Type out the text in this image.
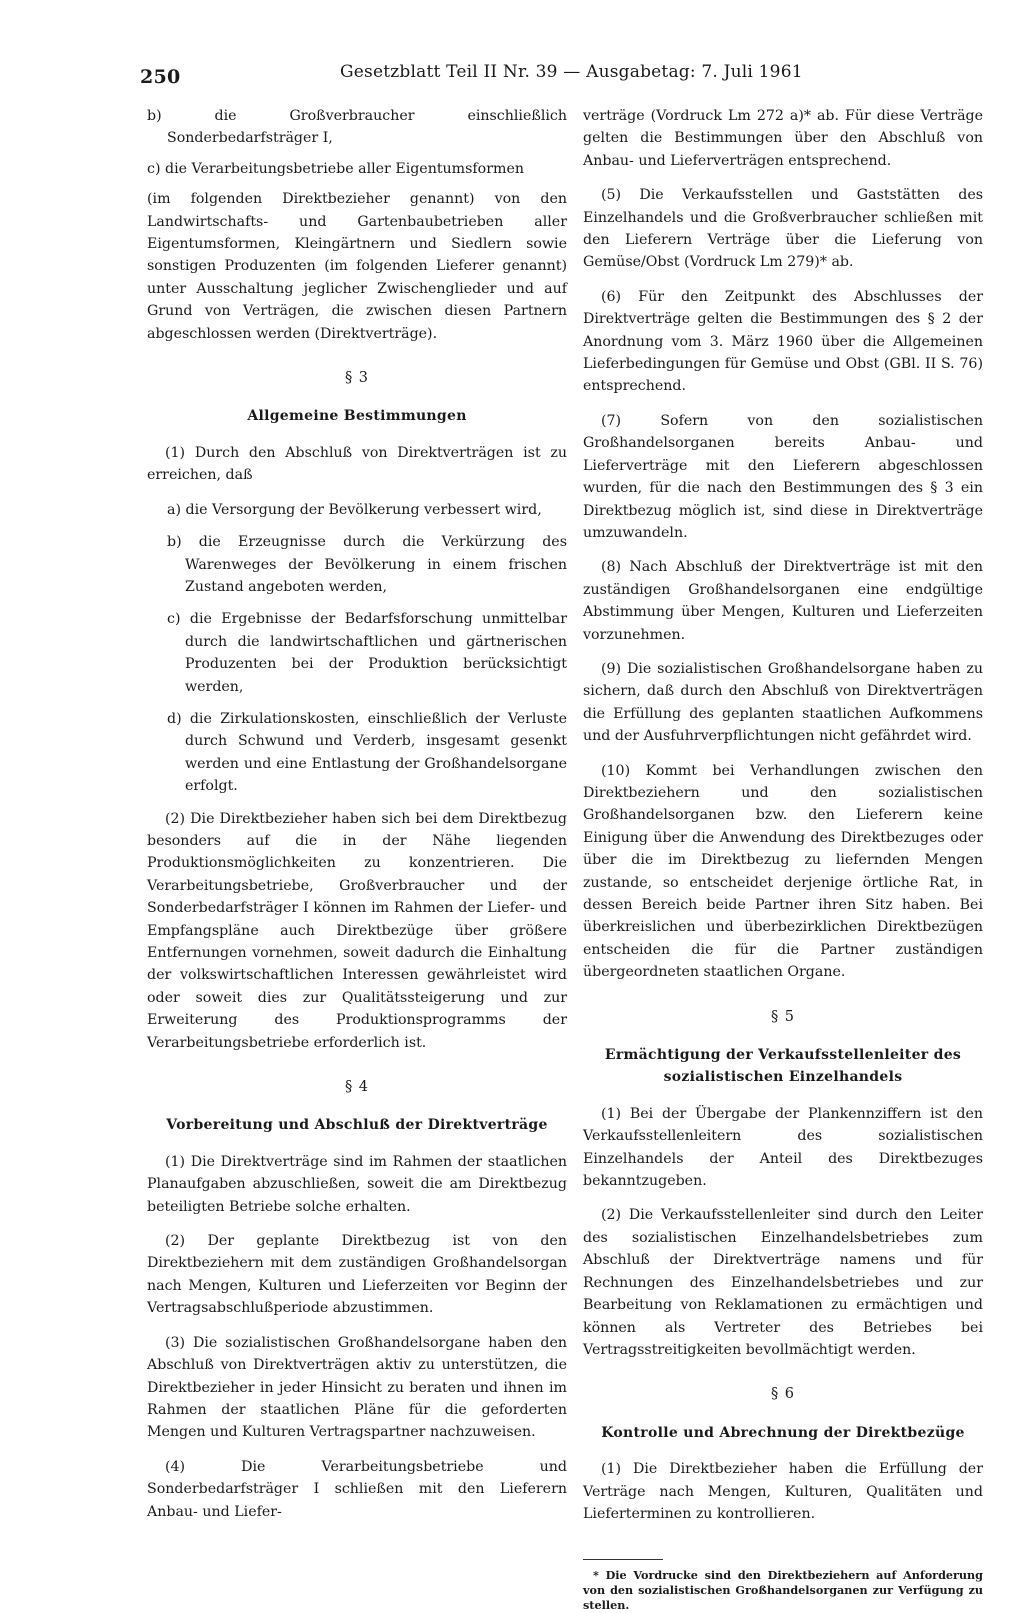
250	Gesetzblatt Teil II Nr. 39 — Ausgabetag: 7. Juli 1961
b) die Großverbraucher einschließlich Sonderbedarfsträger I,
c) die Verarbeitungsbetriebe aller Eigentumsformen

(im folgenden Direktbezieher genannt) von den Landwirtschafts- und Gartenbaubetrieben aller Eigentumsformen, Kleingärtnern und Siedlern sowie sonstigen Produzenten (im folgenden Lieferer genannt) unter Ausschaltung jeglicher Zwischenglieder und auf Grund von Verträgen, die zwischen diesen Partnern abgeschlossen werden (Direktverträge).

§ 3
Allgemeine Bestimmungen

(1) Durch den Abschluß von Direktverträgen ist zu erreichen, daß

a) die Versorgung der Bevölkerung verbessert wird,
b) die Erzeugnisse durch die Verkürzung des Warenweges der Bevölkerung in einem frischen Zustand angeboten werden,
c) die Ergebnisse der Bedarfsforschung unmittelbar durch die landwirtschaftlichen und gärtnerischen Produzenten bei der Produktion berücksichtigt werden,
d) die Zirkulationskosten, einschließlich der Verluste durch Schwund und Verderb, insgesamt gesenkt werden und eine Entlastung der Großhandelsorgane erfolgt.

(2) Die Direktbezieher haben sich bei dem Direktbezug besonders auf die in der Nähe liegenden Produktionsmöglichkeiten zu konzentrieren. Die Verarbeitungsbetriebe, Großverbraucher und der Sonderbedarfsträger I können im Rahmen der Liefer- und Empfangspläne auch Direktbezüge über größere Entfernungen vornehmen, soweit dadurch die Einhaltung der volkswirtschaftlichen Interessen gewährleistet wird oder soweit dies zur Qualitätssteigerung und zur Erweiterung des Produktionsprogramms der Verarbeitungsbetriebe erforderlich ist.

§ 4
Vorbereitung und Abschluß der Direktverträge

(1) Die Direktverträge sind im Rahmen der staatlichen Planaufgaben abzuschließen, soweit die am Direktbezug beteiligten Betriebe solche erhalten.

(2) Der geplante Direktbezug ist von den Direktbeziehern mit dem zuständigen Großhandelsorgan nach Mengen, Kulturen und Lieferzeiten vor Beginn der Vertragsabschlußperiode abzustimmen.

(3) Die sozialistischen Großhandelsorgane haben den Abschluß von Direktverträgen aktiv zu unterstützen, die Direktbezieher in jeder Hinsicht zu beraten und ihnen im Rahmen der staatlichen Pläne für die geforderten Mengen und Kulturen Vertragspartner nachzuweisen.

(4) Die Verarbeitungsbetriebe und Sonderbedarfsträger I schließen mit den Lieferern Anbau- und Liefer-

verträge (Vordruck Lm 272 a)* ab. Für diese Verträge gelten die Bestimmungen über den Abschluß von Anbau- und Lieferverträgen entsprechend.

(5) Die Verkaufsstellen und Gaststätten des Einzelhandels und die Großverbraucher schließen mit den Lieferern Verträge über die Lieferung von Gemüse/Obst (Vordruck Lm 279)* ab.

(6) Für den Zeitpunkt des Abschlusses der Direktverträge gelten die Bestimmungen des § 2 der Anordnung vom 3. März 1960 über die Allgemeinen Lieferbedingungen für Gemüse und Obst (GBl. II S. 76) entsprechend.

(7) Sofern von den sozialistischen Großhandelsorganen bereits Anbau- und Lieferverträge mit den Lieferern abgeschlossen wurden, für die nach den Bestimmungen des § 3 ein Direktbezug möglich ist, sind diese in Direktverträge umzuwandeln.

(8) Nach Abschluß der Direktverträge ist mit den zuständigen Großhandelsorganen eine endgültige Abstimmung über Mengen, Kulturen und Lieferzeiten vorzunehmen.

(9) Die sozialistischen Großhandelsorgane haben zu sichern, daß durch den Abschluß von Direktverträgen die Erfüllung des geplanten staatlichen Aufkommens und der Ausfuhrverpflichtungen nicht gefährdet wird.

(10) Kommt bei Verhandlungen zwischen den Direktbeziehern und den sozialistischen Großhandelsorganen bzw. den Lieferern keine Einigung über die Anwendung des Direktbezuges oder über die im Direktbezug zu liefernden Mengen zustande, so entscheidet derjenige örtliche Rat, in dessen Bereich beide Partner ihren Sitz haben. Bei überkreislichen und überbezirklichen Direktbezügen entscheiden die für die Partner zuständigen übergeordneten staatlichen Organe.

§ 5
Ermächtigung der Verkaufsstellenleiter des sozialistischen Einzelhandels

(1) Bei der Übergabe der Plankennziffern ist den Verkaufsstellenleitern des sozialistischen Einzelhandels der Anteil des Direktbezuges bekanntzugeben.

(2) Die Verkaufsstellenleiter sind durch den Leiter des sozialistischen Einzelhandelsbetriebes zum Abschluß der Direktverträge namens und für Rechnungen des Einzelhandelsbetriebes und zur Bearbeitung von Reklamationen zu ermächtigen und können als Vertreter des Betriebes bei Vertragsstreitigkeiten bevollmächtigt werden.

§ 6
Kontrolle und Abrechnung der Direktbezüge

(1) Die Direktbezieher haben die Erfüllung der Verträge nach Mengen, Kulturen, Qualitäten und Lieferterminen zu kontrollieren.

* Die Vordrucke sind den Direktbeziehern auf Anforderung von den sozialistischen Großhandelsorganen zur Verfügung zu stellen.
